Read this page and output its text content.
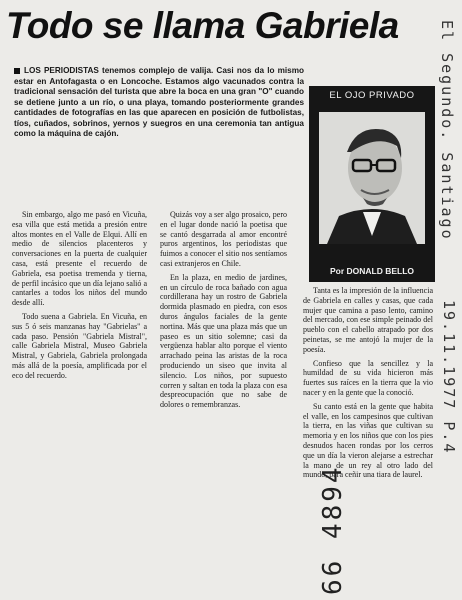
Todo se llama Gabriela

LOS PERIODISTAS tenemos complejo de valija. Casi nos da lo mismo estar en Antofagasta o en Loncoche. Estamos algo vacunados contra la tradicional sensación del turista que abre la boca en una gran "O" cuando se detiene junto a un río, o una playa, tomando posteriormente grandes cantidades de fotografías en las que aparecen en posición de futbolistas, tíos, cuñados, sobrinos, yernos y suegros en una ceremonia tan antigua como la máquina de cajón.

EL OJO PRIVADO
Por DONALD BELLO

Sin embargo, algo me pasó en Vicuña, esa villa que está metida a presión entre altos montes en el Valle de Elqui. Allí en medio de silencios placenteros y conversaciones en la puerta de cualquier casa, está presente el recuerdo de Gabriela, esa poetisa tremenda y tierna, de perfil incásico que un día lejano salió a cantarles a todos los niños del mundo desde allí.

Todo suena a Gabriela. En Vicuña, en sus 5 ó seis manzanas hay "Gabrielas" a cada paso. Pensión "Gabriela Mistral", calle Gabriela Mistral, Museo Gabriela Mistral, y Gabriela, Gabriela prolongada más allá de la poesía, amplificada por el eco del recuerdo.

Quizás voy a ser algo prosaico, pero en el lugar donde nació la poetisa que se cantó desgarrada al amor encontré puros argentinos, los periodistas que fuimos a conocer el sitio nos sentíamos casi extranjeros en Chile.

En la plaza, en medio de jardines, en un círculo de roca bañado con agua cordillerana hay un rostro de Gabriela dormida plasmado en piedra, con esos duros ángulos faciales de la gente nortina. Más que una plaza más que un paseo es un sitio solemne; casi da vergüenza hablar alto porque el viento arrachado peina las aristas de la roca produciendo un siseo que invita al silencio. Los niños, por supuesto corren y saltan en toda la plaza con esa despreocupación que no sabe de dolores o remembranzas.

Tanta es la impresión de la influencia de Gabriela en calles y casas, que cada mujer que camina a paso lento, camino del mercado, con ese simple peinado del pueblo con el cabello atrapado por dos peinetas, se me antojó la mujer de la poesía.

Confieso que la sencillez y la humildad de su vida hicieron más fuertes sus raíces en la tierra que la vio nacer y en la gente que la conoció.

Su canto está en la gente que habita el valle, en los campesinos que cultivan la tierra, en las viñas que cultivan su memoria y en los niños que con los pies desnudos hacen rondas por los cerros que un día la vieron alejarse a estrechar la mano de un rey al otro lado del mundo, para ceñir una tiara de laurel.

El Segundo. Santiago
19.11.1977 P.4
66 4894
